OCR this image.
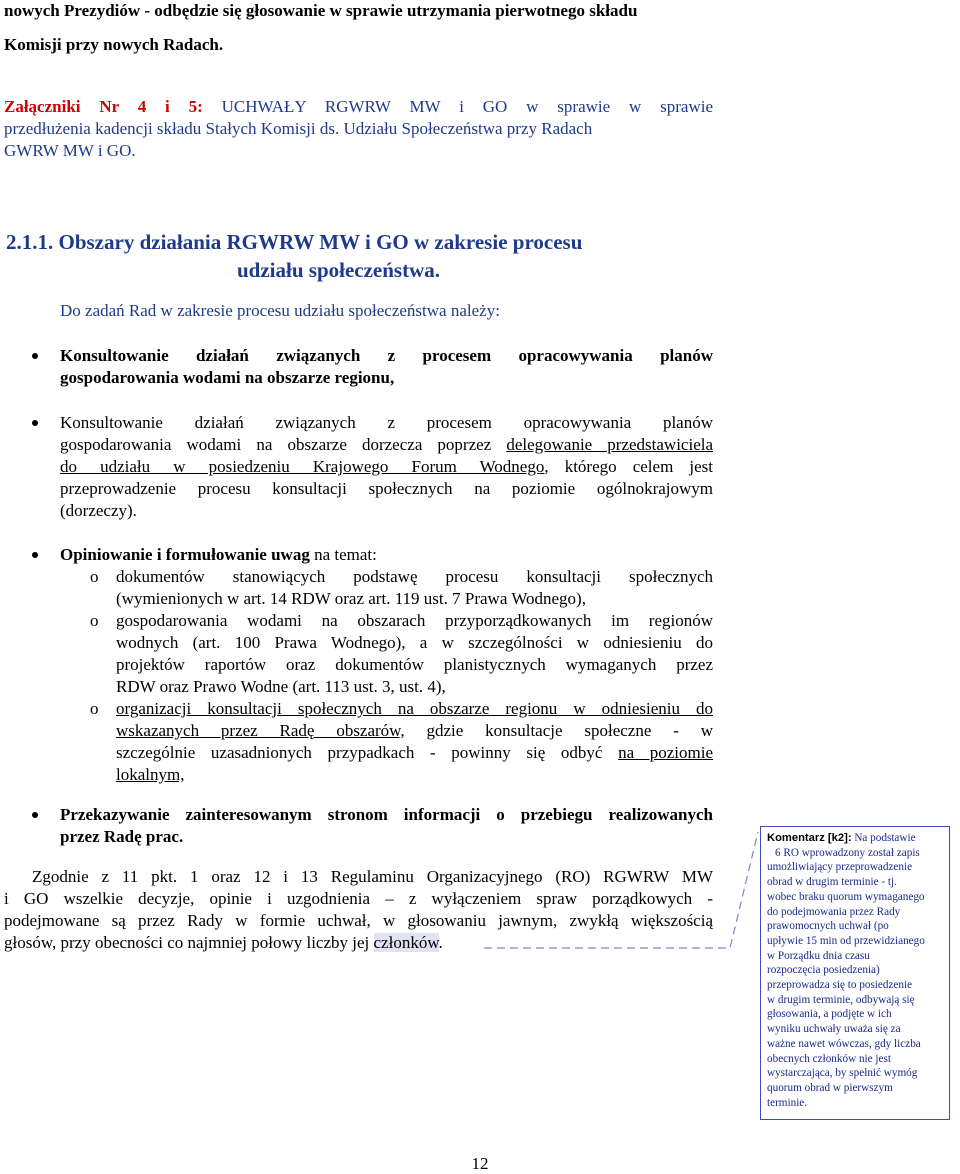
nowych Prezydiów - odbędzie się głosowanie w sprawie utrzymania pierwotnego składu
Komisji przy nowych Radach.
Załączniki Nr 4 i 5: UCHWAŁY RGWRW MW i GO w sprawie w sprawie
przedłużenia kadencji składu Stałych Komisji ds. Udziału Społeczeństwa przy Radach
GWRW MW i GO.
2.1.1. Obszary działania RGWRW MW i GO w zakresie procesu
udziału społeczeństwa.
Do zadań Rad w zakresie procesu udziału społeczeństwa należy:
Konsultowanie działań związanych z procesem opracowywania planów
gospodarowania wodami na obszarze regionu,
Konsultowanie działań związanych z procesem opracowywania planów
gospodarowania wodami na obszarze dorzecza poprzez delegowanie przedstawiciela
do udziału w posiedzeniu Krajowego Forum Wodnego, którego celem jest
przeprowadzenie procesu konsultacji społecznych na poziomie ogólnokrajowym
(dorzeczy).
Opiniowanie i formułowanie uwag na temat:
o dokumentów stanowiących podstawę procesu konsultacji społecznych
(wymienionych w art. 14 RDW oraz art. 119 ust. 7 Prawa Wodnego),
o gospodarowania wodami na obszarach przyporządkowanych im regionów
wodnych (art. 100 Prawa Wodnego), a w szczególności w odniesieniu do
projektów raportów oraz dokumentów planistycznych wymaganych przez
RDW oraz Prawo Wodne (art. 113 ust. 3, ust. 4),
o organizacji konsultacji społecznych na obszarze regionu w odniesieniu do
wskazanych przez Radę obszarów, gdzie konsultacje społeczne - w
szczególnie uzasadnionych przypadkach - powinny się odbyć na poziomie
lokalnym,
Przekazywanie zainteresowanym stronom informacji o przebiegu realizowanych
przez Radę prac.
Zgodnie z 11 pkt. 1 oraz 12 i 13 Regulaminu Organizacyjnego (RO) RGWRW MW
i GO wszelkie decyzje, opinie i uzgodnienia – z wyłączeniem spraw porządkowych -
podejmowane są przez Rady w formie uchwał, w głosowaniu jawnym, zwykłą większością
głosów, przy obecności co najmniej połowy liczby jej członków.
Komentarz [k2]: Na podstawie
6 RO wprowadzony został zapis
umożliwiający przeprowadzenie
obrad w drugim terminie - tj.
wobec braku quorum wymaganego
do podejmowania przez Rady
prawomocnych uchwał (po
upływie 15 min od przewidzianego
w Porządku dnia czasu
rozpoczęcia posiedzenia)
przeprowadza się to posiedzenie
w drugim terminie, odbywają się
głosowania, a podjęte w ich
wyniku uchwały uważa się za
ważne nawet wówczas, gdy liczba
obecnych członków nie jest
wystarczająca, by spełnić wymóg
quorum obrad w pierwszym
terminie.
12
